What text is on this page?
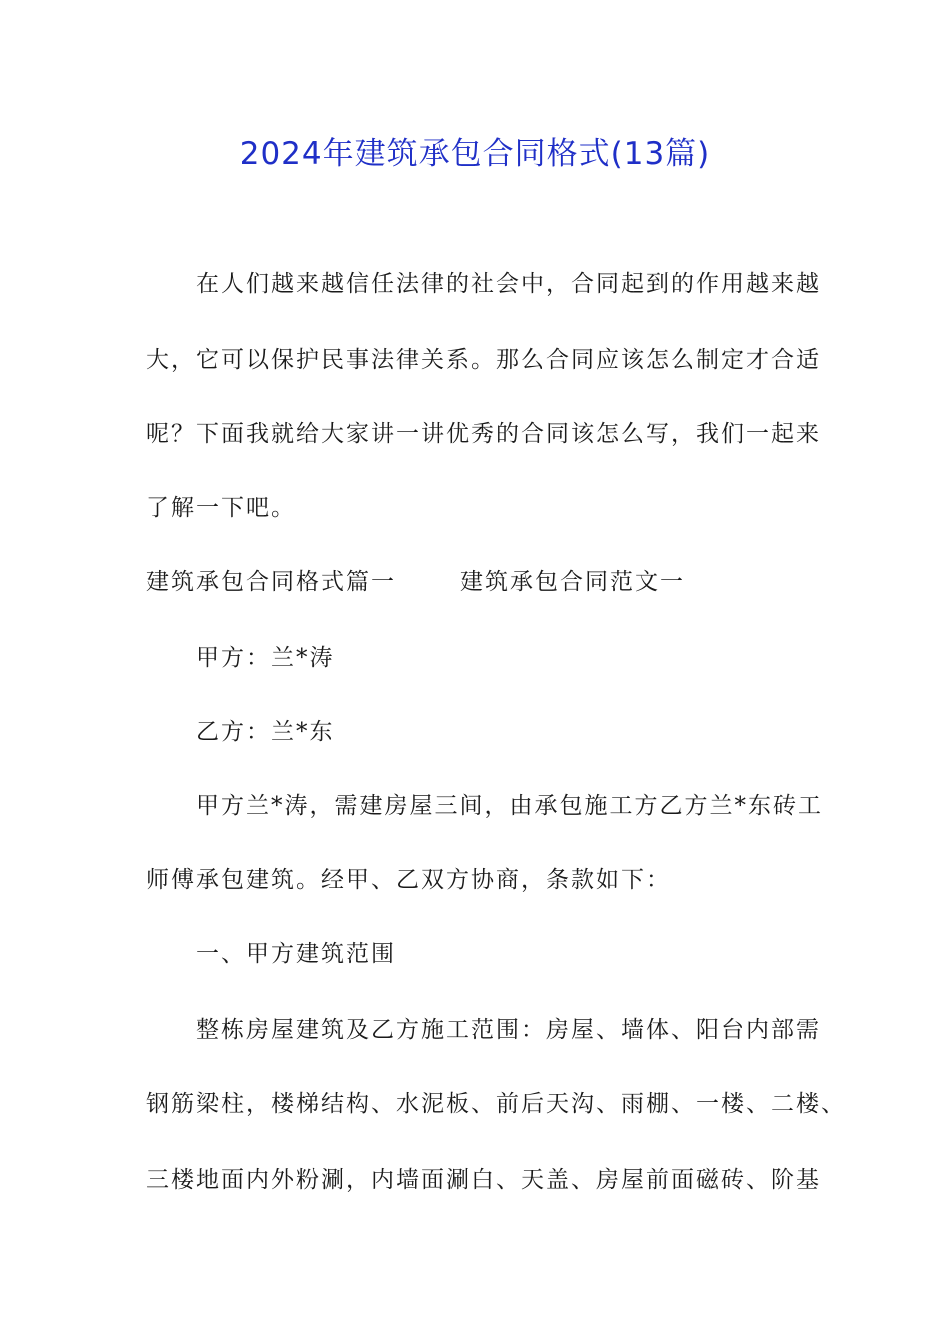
2024年建筑承包合同格式(13篇)
在人们越来越信任法律的社会中，合同起到的作用越来越
大，它可以保护民事法律关系。那么合同应该怎么制定才合适
呢？下面我就给大家讲一讲优秀的合同该怎么写，我们一起来
了解一下吧。
建筑承包合同格式篇一	建筑承包合同范文一
甲方：兰*涛
乙方：兰*东
甲方兰*涛，需建房屋三间，由承包施工方乙方兰*东砖工
师傅承包建筑。经甲、乙双方协商，条款如下：
一、甲方建筑范围
整栋房屋建筑及乙方施工范围：房屋、墙体、阳台内部需
钢筋梁柱，楼梯结构、水泥板、前后天沟、雨棚、一楼、二楼、
三楼地面内外粉涮，内墙面涮白、天盖、房屋前面磁砖、阶基
